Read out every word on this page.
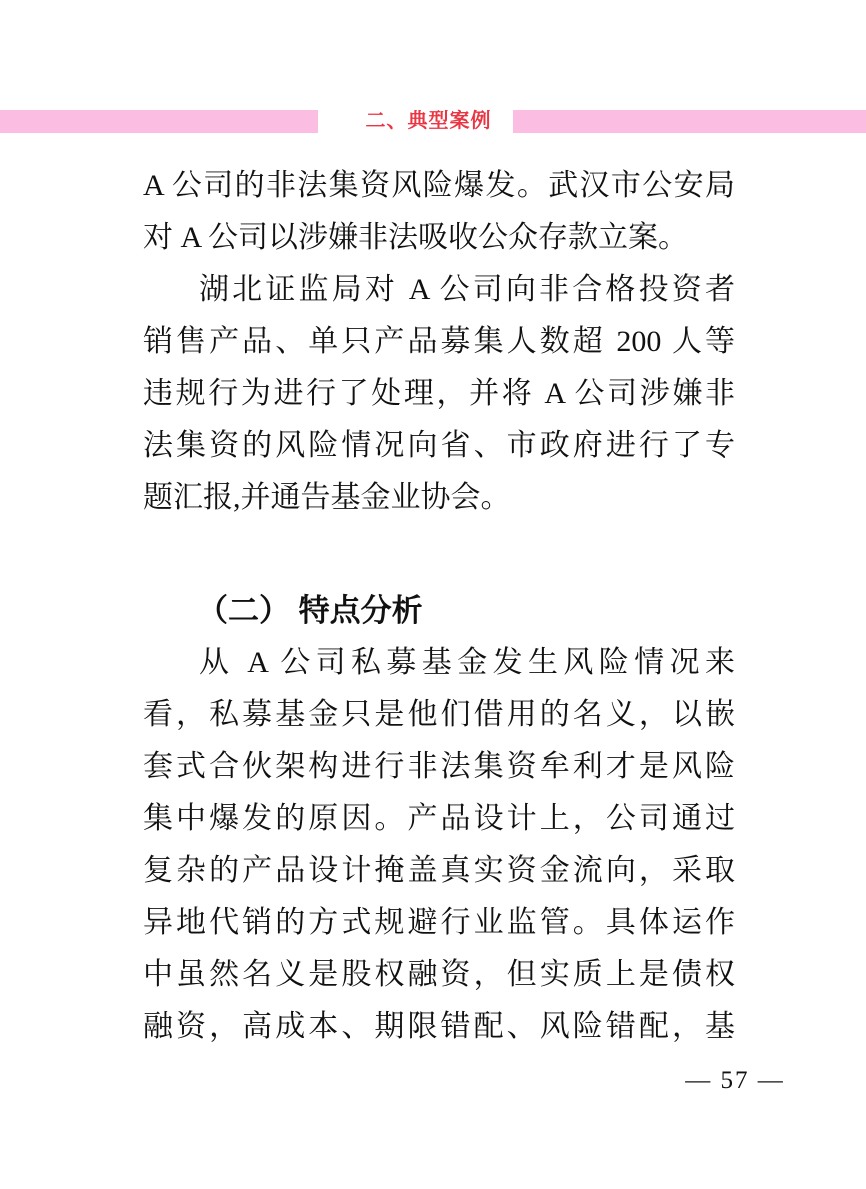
二、典型案例
A 公司的非法集资风险爆发。武汉市公安局
对 A 公司以涉嫌非法吸收公众存款立案。
湖北证监局对 A 公司向非合格投资者
销售产品、单只产品募集人数超 200 人等
违规行为进行了处理，并将 A 公司涉嫌非
法集资的风险情况向省、市政府进行了专
题汇报,并通告基金业协会。
（二） 特点分析
从 A 公司私募基金发生风险情况来
看，私募基金只是他们借用的名义，以嵌
套式合伙架构进行非法集资牟利才是风险
集中爆发的原因。产品设计上，公司通过
复杂的产品设计掩盖真实资金流向，采取
异地代销的方式规避行业监管。具体运作
中虽然名义是股权融资，但实质上是债权
融资，高成本、期限错配、风险错配，基
— 57 —
